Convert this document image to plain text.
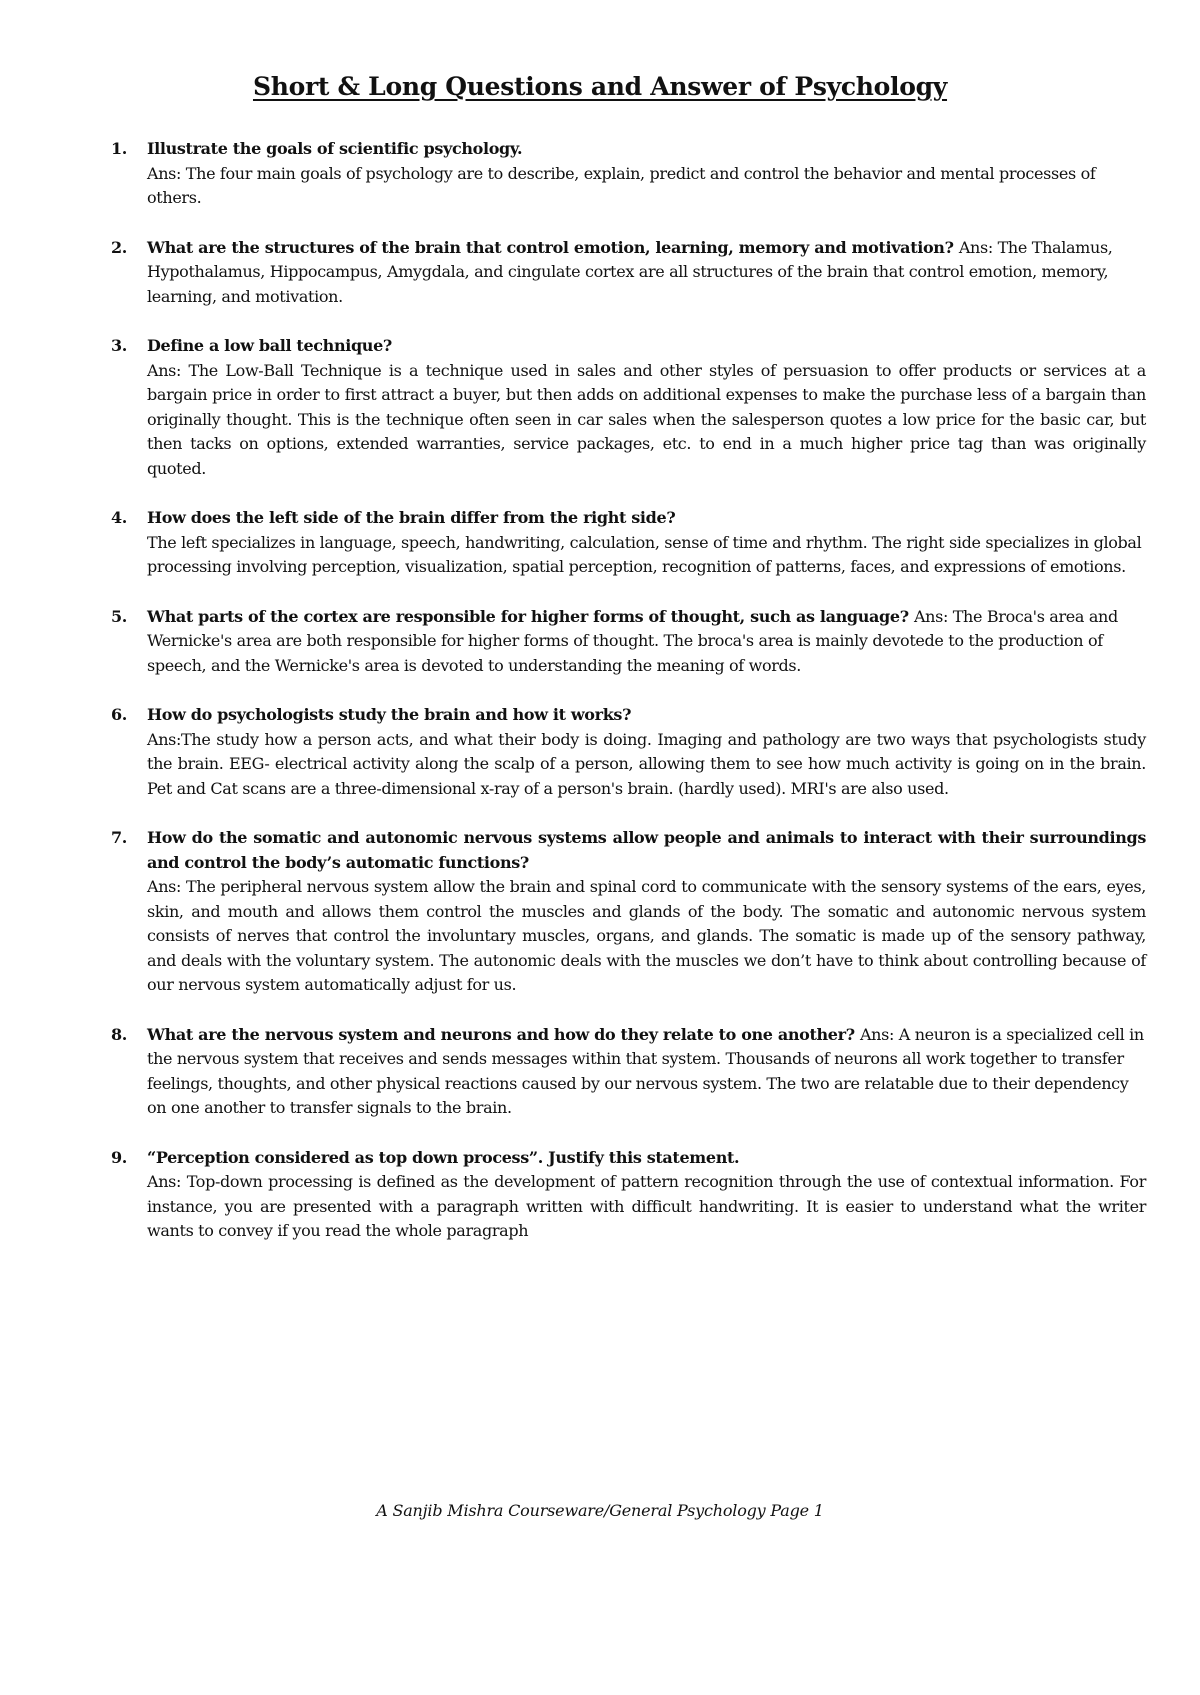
Short & Long Questions and Answer of Psychology
1. Illustrate the goals of scientific psychology.
Ans: The four main goals of psychology are to describe, explain, predict and control the behavior and mental processes of others.
2. What are the structures of the brain that control emotion, learning, memory and motivation? Ans: The Thalamus, Hypothalamus, Hippocampus, Amygdala, and cingulate cortex are all structures of the brain that control emotion, memory, learning, and motivation.
3. Define a low ball technique?
Ans: The Low-Ball Technique is a technique used in sales and other styles of persuasion to offer products or services at a bargain price in order to first attract a buyer, but then adds on additional expenses to make the purchase less of a bargain than originally thought. This is the technique often seen in car sales when the salesperson quotes a low price for the basic car, but then tacks on options, extended warranties, service packages, etc. to end in a much higher price tag than was originally quoted.
4. How does the left side of the brain differ from the right side?
The left specializes in language, speech, handwriting, calculation, sense of time and rhythm. The right side specializes in global processing involving perception, visualization, spatial perception, recognition of patterns, faces, and expressions of emotions.
5. What parts of the cortex are responsible for higher forms of thought, such as language? Ans: The Broca's area and Wernicke's area are both responsible for higher forms of thought. The broca's area is mainly devotede to the production of speech, and the Wernicke's area is devoted to understanding the meaning of words.
6. How do psychologists study the brain and how it works?
Ans:The study how a person acts, and what their body is doing. Imaging and pathology are two ways that psychologists study the brain. EEG- electrical activity along the scalp of a person, allowing them to see how much activity is going on in the brain. Pet and Cat scans are a three-dimensional x-ray of a person's brain. (hardly used). MRI's are also used.
7. How do the somatic and autonomic nervous systems allow people and animals to interact with their surroundings and control the body’s automatic functions?
Ans: The peripheral nervous system allow the brain and spinal cord to communicate with the sensory systems of the ears, eyes, skin, and mouth and allows them control the muscles and glands of the body. The somatic and autonomic nervous system consists of nerves that control the involuntary muscles, organs, and glands. The somatic is made up of the sensory pathway, and deals with the voluntary system. The autonomic deals with the muscles we don’t have to think about controlling because of our nervous system automatically adjust for us.
8. What are the nervous system and neurons and how do they relate to one another? Ans: A neuron is a specialized cell in the nervous system that receives and sends messages within that system. Thousands of neurons all work together to transfer feelings, thoughts, and other physical reactions caused by our nervous system. The two are relatable due to their dependency on one another to transfer signals to the brain.
9. “Perception considered as top down process”. Justify this statement.
Ans: Top-down processing is defined as the development of pattern recognition through the use of contextual information. For instance, you are presented with a paragraph written with difficult handwriting. It is easier to understand what the writer wants to convey if you read the whole paragraph

A Sanjib Mishra Courseware/General Psychology Page 1
